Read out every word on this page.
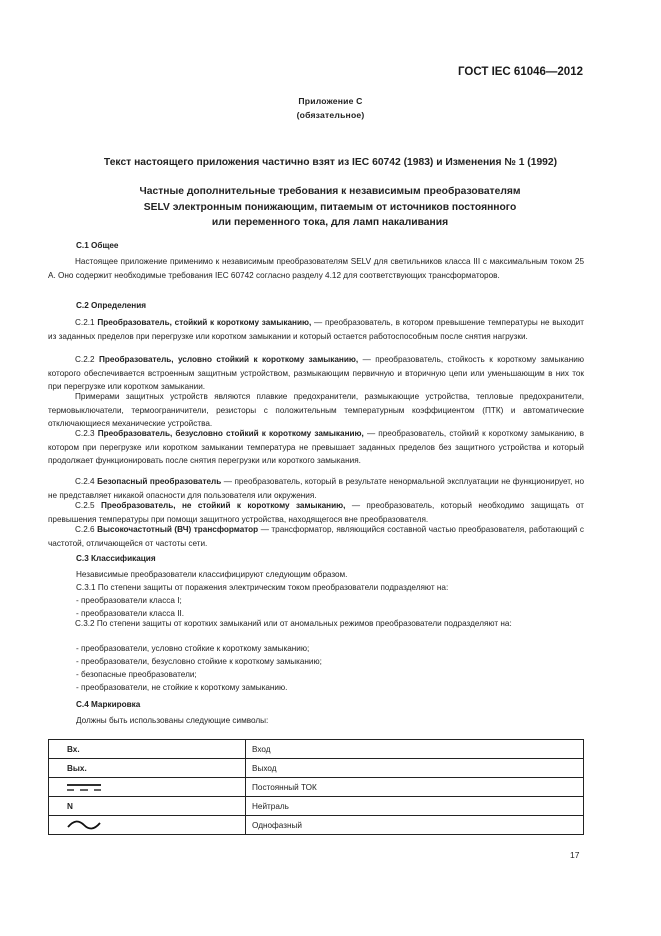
ГОСТ IEC 61046—2012
Приложение С
(обязательное)
Текст настоящего приложения частично взят из IEC 60742 (1983) и Изменения № 1 (1992)
Частные дополнительные требования к независимым преобразователям
SELV электронным понижающим, питаемым от источников постоянного
или переменного тока, для ламп накаливания
С.1 Общее
Настоящее приложение применимо к независимым преобразователям SELV для светильников класса III с максимальным током 25 А. Оно содержит необходимые требования IEC 60742 согласно разделу 4.12 для соответствующих трансформаторов.
С.2 Определения
С.2.1 Преобразователь, стойкий к короткому замыканию, — преобразователь, в котором превышение температуры не выходит из заданных пределов при перегрузке или коротком замыкании и который остается работоспособным после снятия нагрузки.
С.2.2 Преобразователь, условно стойкий к короткому замыканию, — преобразователь, стойкость к короткому замыканию которого обеспечивается встроенным защитным устройством, размыкающим первичную и вторичную цепи или уменьшающим в них ток при перегрузке или коротком замыкании.
Примерами защитных устройств являются плавкие предохранители, размыкающие устройства, тепловые предохранители, термовыключатели, термоограничители, резисторы с положительным температурным коэффициентом (ПТК) и автоматические отключающиеся механические устройства.
С.2.3 Преобразователь, безусловно стойкий к короткому замыканию, — преобразователь, стойкий к короткому замыканию, в котором при перегрузке или коротком замыкании температура не превышает заданных пределов без защитного устройства и который продолжает функционировать после снятия перегрузки или короткого замыкания.
С.2.4 Безопасный преобразователь — преобразователь, который в результате ненормальной эксплуатации не функционирует, но не представляет никакой опасности для пользователя или окружения.
С.2.5 Преобразователь, не стойкий к короткому замыканию, — преобразователь, который необходимо защищать от превышения температуры при помощи защитного устройства, находящегося вне преобразователя.
С.2.6 Высокочастотный (ВЧ) трансформатор — трансформатор, являющийся составной частью преобразователя, работающий с частотой, отличающейся от частоты сети.
С.3 Классификация
Независимые преобразователи классифицируют следующим образом.
С.3.1 По степени защиты от поражения электрическим током преобразователи подразделяют на:
- преобразователи класса I;
- преобразователи класса II.
С.3.2 По степени защиты от коротких замыканий или от аномальных режимов преобразователи подразделяют на:
- преобразователи, условно стойкие к короткому замыканию;
- преобразователи, безусловно стойкие к короткому замыканию;
- безопасные преобразователи;
- преобразователи, не стойкие к короткому замыканию.
С.4 Маркировка
Должны быть использованы следующие символы:
Вх.	Вход
Вых.	Выход
	Постоянный ТОК
N	Нейтраль
	Однофазный
17
